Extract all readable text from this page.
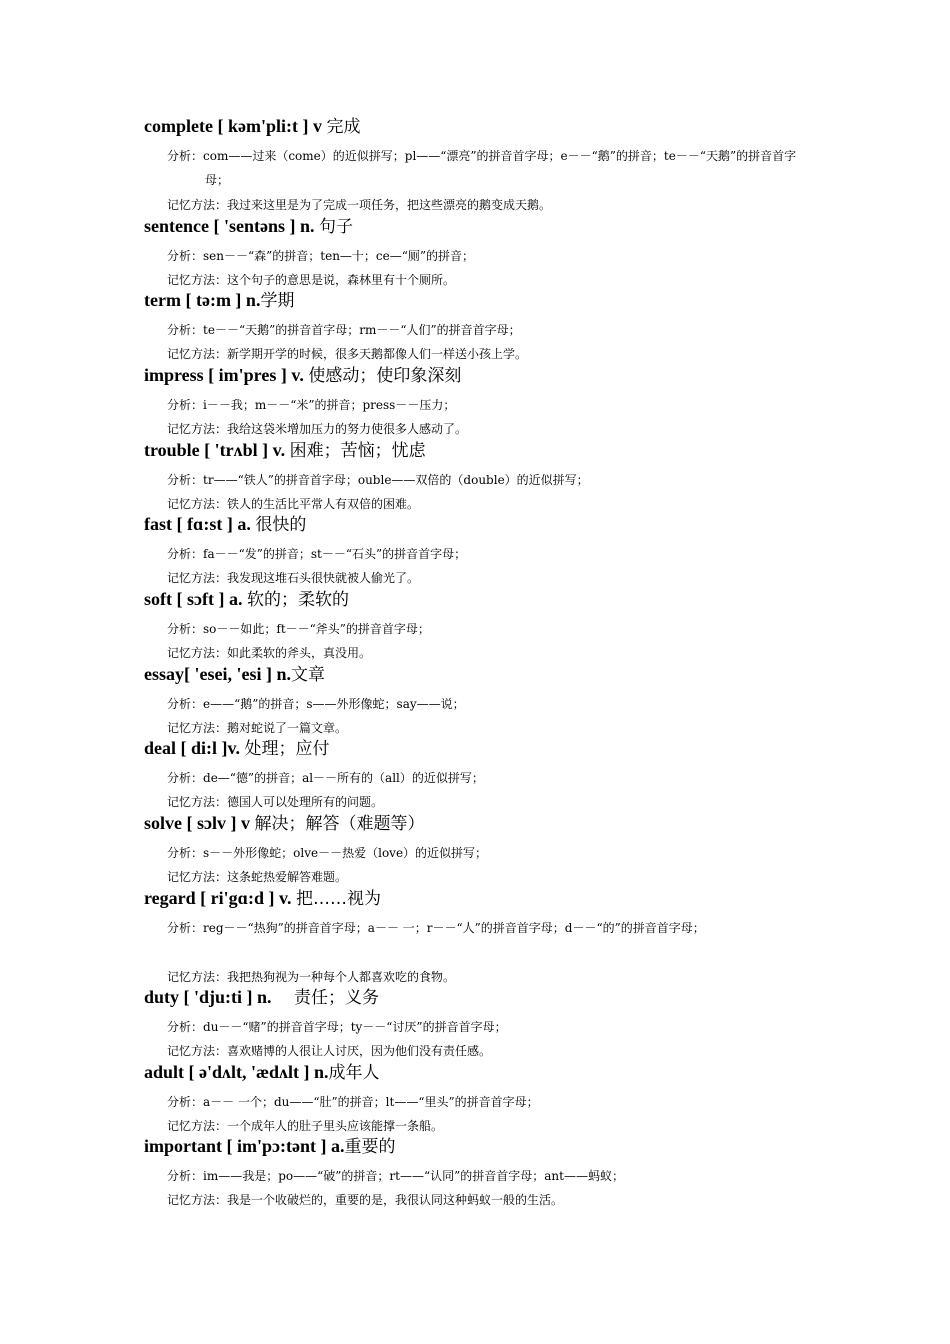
complete [ kəm'pli:t ] v 完成
分析：com——过来（come）的近似拼写；pl——“漂亮”的拼音首字母；e－－“鹅”的拼音；te－－“天鹅”的拼音首字母；
记忆方法：我过来这里是为了完成一项任务，把这些漂亮的鹅变成天鹅。
sentence [ 'sentəns ] n. 句子
分析：sen－－“森”的拼音；ten—十；ce—“厕”的拼音；
记忆方法：这个句子的意思是说，森林里有十个厕所。
term [ tə:m ] n.学期
分析：te－－“天鹅”的拼音首字母；rm－－“人们”的拼音首字母；
记忆方法：新学期开学的时候，很多天鹅都像人们一样送小孩上学。
impress [ im'pres ] v. 使感动；使印象深刻
分析：i－－我；m－－“米”的拼音；press－－压力；
记忆方法：我给这袋米增加压力的努力使很多人感动了。
trouble [ 'trʌbl ] v. 困难；苦恼；忧虑
分析：tr——“铁人”的拼音首字母；ouble——双倍的（double）的近似拼写；
记忆方法：铁人的生活比平常人有双倍的困难。
fast [ fɑ:st ] a. 很快的
分析：fa－－“发”的拼音；st－－“石头”的拼音首字母；
记忆方法：我发现这堆石头很快就被人偷光了。
soft [ sɔft ] a. 软的；柔软的
分析：so－－如此；ft－－“斧头”的拼音首字母；
记忆方法：如此柔软的斧头，真没用。
essay[ 'esei, 'esi ] n.文章
分析：e——“鹅”的拼音；s——外形像蛇；say——说；
记忆方法：鹅对蛇说了一篇文章。
deal [ di:l ]v. 处理；应付
分析：de—“德”的拼音；al－－所有的（all）的近似拼写；
记忆方法：德国人可以处理所有的问题。
solve [ sɔlv ] v 解决；解答（难题等）
分析：s－－外形像蛇；olve－－热爱（love）的近似拼写；
记忆方法：这条蛇热爱解答难题。
regard [ ri'gɑ:d ] v. 把……视为
分析：reg－－“热狗”的拼音首字母；a－－ 一；r－－“人”的拼音首字母；d－－“的”的拼音首字母；
记忆方法：我把热狗视为一种每个人都喜欢吃的食物。
duty [ 'dju:ti ] n.     责任；义务
分析：du－－“赌”的拼音首字母；ty－－“讨厌”的拼音首字母；
记忆方法：喜欢赌博的人很让人讨厌，因为他们没有责任感。
adult [ ə'dʌlt, 'ædʌlt ] n.成年人
分析：a－－ 一个；du——“肚”的拼音；lt——“里头”的拼音首字母；
记忆方法：一个成年人的肚子里头应该能撑一条船。
important [ im'pɔ:tənt ] a.重要的
分析：im——我是；po——“破”的拼音；rt——“认同”的拼音首字母；ant——蚂蚁；
记忆方法：我是一个收破烂的，重要的是，我很认同这种蚂蚁一般的生活。
